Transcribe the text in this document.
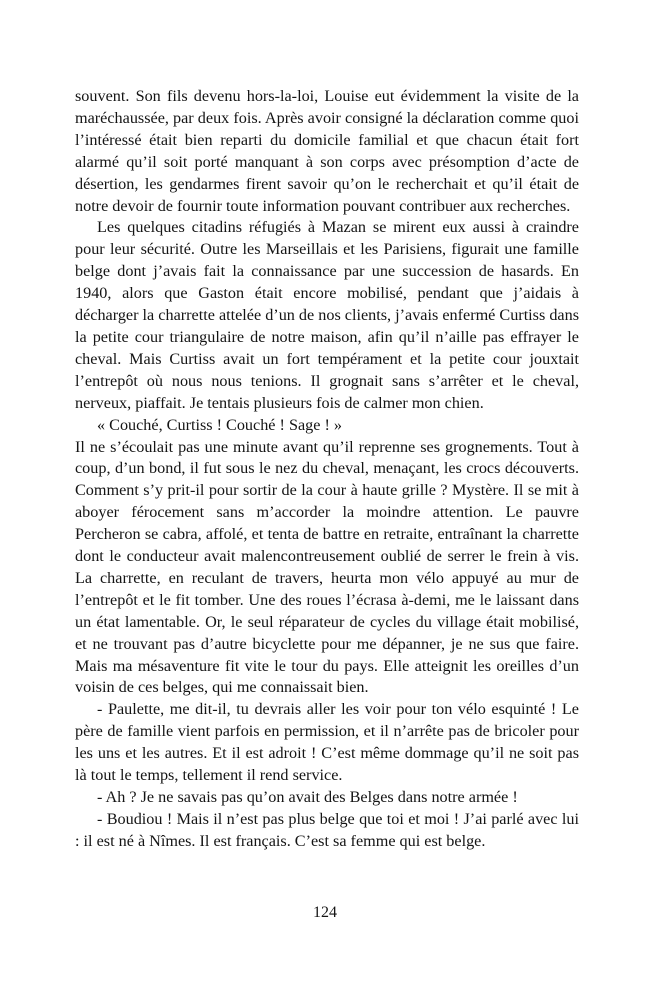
souvent. Son fils devenu hors-la-loi, Louise eut évidemment la visite de la maréchaussée, par deux fois. Après avoir consigné la déclaration comme quoi l’intéressé était bien reparti du domicile familial et que chacun était fort alarmé qu’il soit porté manquant à son corps avec présomption d’acte de désertion, les gendarmes firent savoir qu’on le recherchait et qu’il était de notre devoir de fournir toute information pouvant contribuer aux recherches.

Les quelques citadins réfugiés à Mazan se mirent eux aussi à craindre pour leur sécurité. Outre les Marseillais et les Parisiens, figurait une famille belge dont j’avais fait la connaissance par une succession de hasards. En 1940, alors que Gaston était encore mobilisé, pendant que j’aidais à décharger la charrette attelée d’un de nos clients, j’avais enfermé Curtiss dans la petite cour triangulaire de notre maison, afin qu’il n’aille pas effrayer le cheval. Mais Curtiss avait un fort tempérament et la petite cour jouxtait l’entrepôt où nous nous tenions. Il grognait sans s’arrêter et le cheval, nerveux, piaffait. Je tentais plusieurs fois de calmer mon chien.

« Couché, Curtiss ! Couché ! Sage ! »

Il ne s’écoulait pas une minute avant qu’il reprenne ses grognements. Tout à coup, d’un bond, il fut sous le nez du cheval, menaçant, les crocs découverts. Comment s’y prit-il pour sortir de la cour à haute grille ? Mystère. Il se mit à aboyer férocement sans m’accorder la moindre attention. Le pauvre Percheron se cabra, affolé, et tenta de battre en retraite, entraînant la charrette dont le conducteur avait malencontreusement oublié de serrer le frein à vis. La charrette, en reculant de travers, heurta mon vélo appuyé au mur de l’entrepôt et le fit tomber. Une des roues l’écrasa à-demi, me le laissant dans un état lamentable. Or, le seul réparateur de cycles du village était mobilisé, et ne trouvant pas d’autre bicyclette pour me dépanner, je ne sus que faire. Mais ma mésaventure fit vite le tour du pays. Elle atteignit les oreilles d’un voisin de ces belges, qui me connaissait bien.

- Paulette, me dit-il, tu devrais aller les voir pour ton vélo esquinté ! Le père de famille vient parfois en permission, et il n’arrête pas de bricoler pour les uns et les autres. Et il est adroit ! C’est même dommage qu’il ne soit pas là tout le temps, tellement il rend service.

- Ah ? Je ne savais pas qu’on avait des Belges dans notre armée !

- Boudiou ! Mais il n’est pas plus belge que toi et moi ! J’ai parlé avec lui : il est né à Nîmes. Il est français. C’est sa femme qui est belge.

124
